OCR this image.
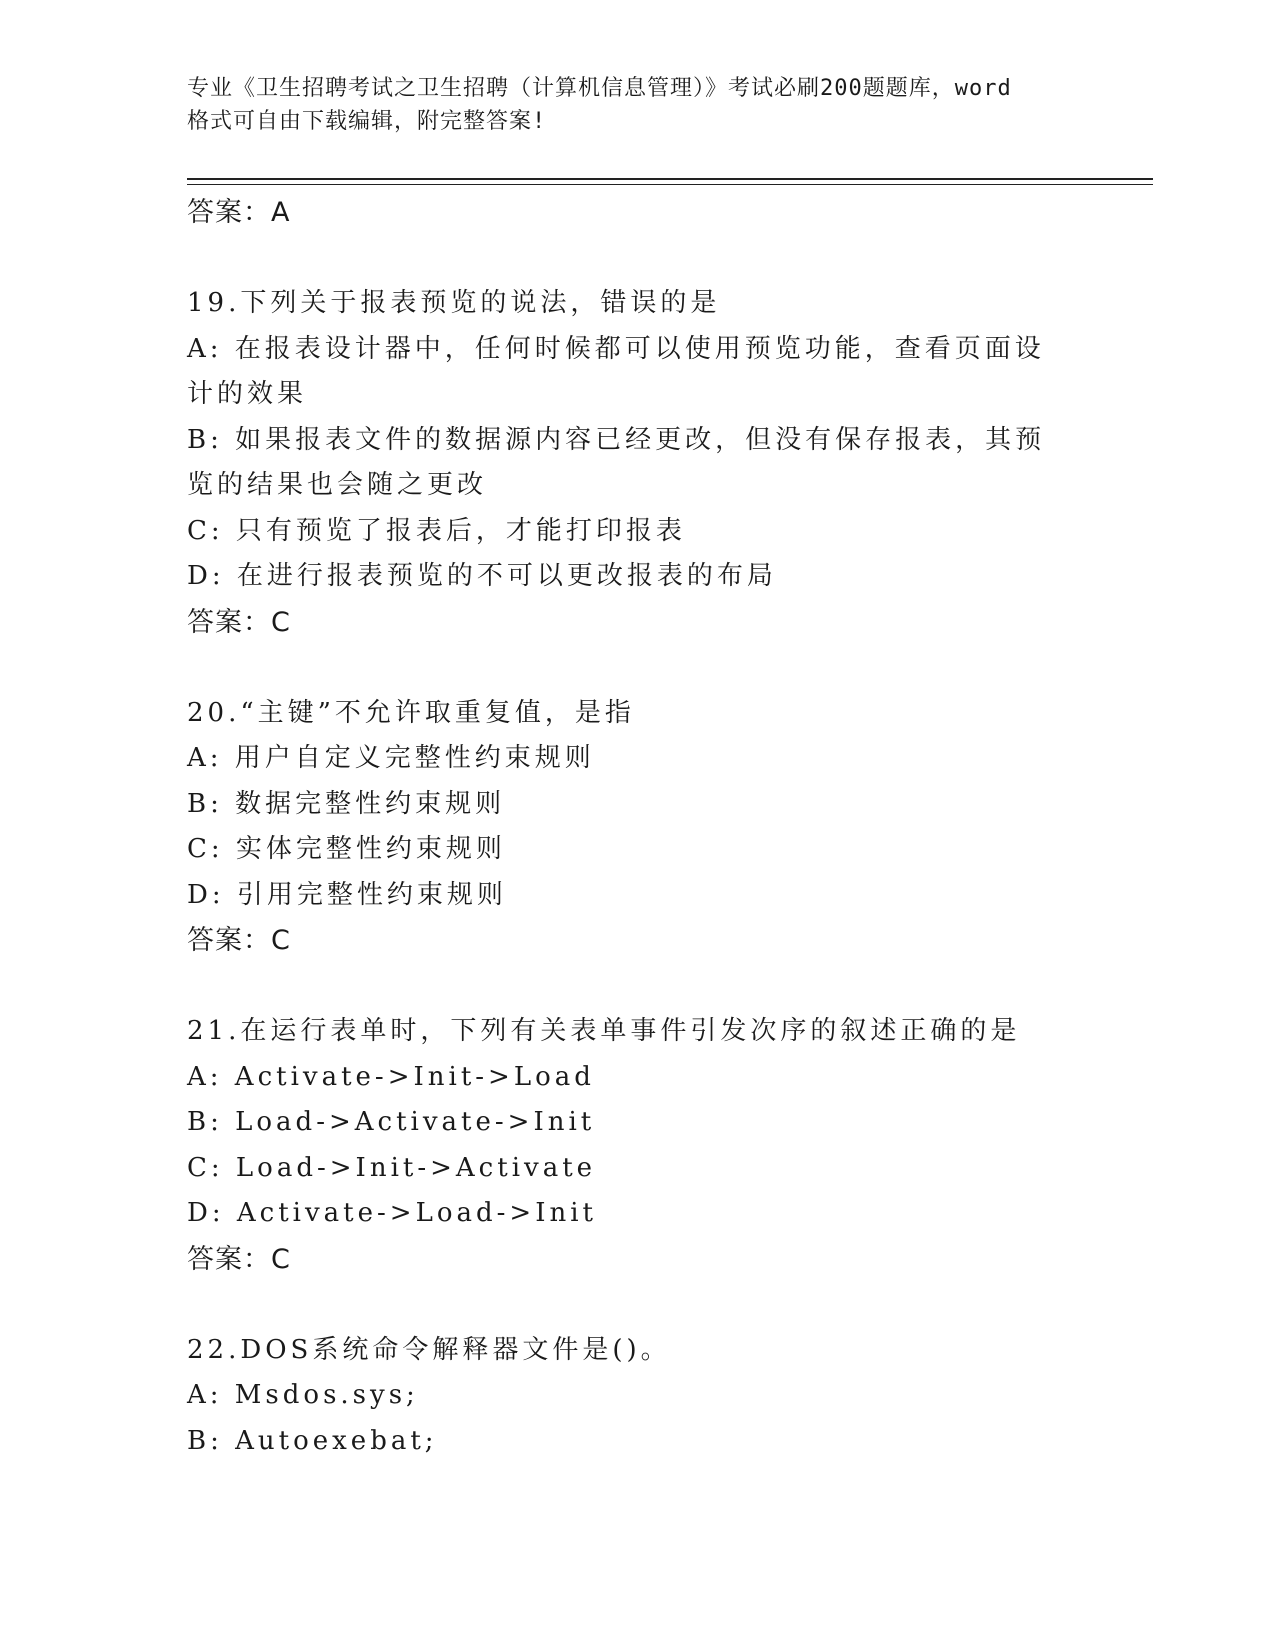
专业《卫生招聘考试之卫生招聘（计算机信息管理）》考试必刷200题题库，word
格式可自由下载编辑，附完整答案!
答案：A
19.下列关于报表预览的说法，错误的是
A: 在报表设计器中，任何时候都可以使用预览功能，查看页面设计的效果
B: 如果报表文件的数据源内容已经更改，但没有保存报表，其预览的结果也会随之更改
C: 只有预览了报表后，才能打印报表
D: 在进行报表预览的不可以更改报表的布局
答案：C
20.“主键”不允许取重复值，是指
A: 用户自定义完整性约束规则
B: 数据完整性约束规则
C: 实体完整性约束规则
D: 引用完整性约束规则
答案：C
21.在运行表单时，下列有关表单事件引发次序的叙述正确的是
A: Activate->Init->Load
B: Load->Activate->Init
C: Load->Init->Activate
D: Activate->Load->Init
答案：C
22.DOS系统命令解释器文件是()。
A: Msdos.sys;
B: Autoexebat;
